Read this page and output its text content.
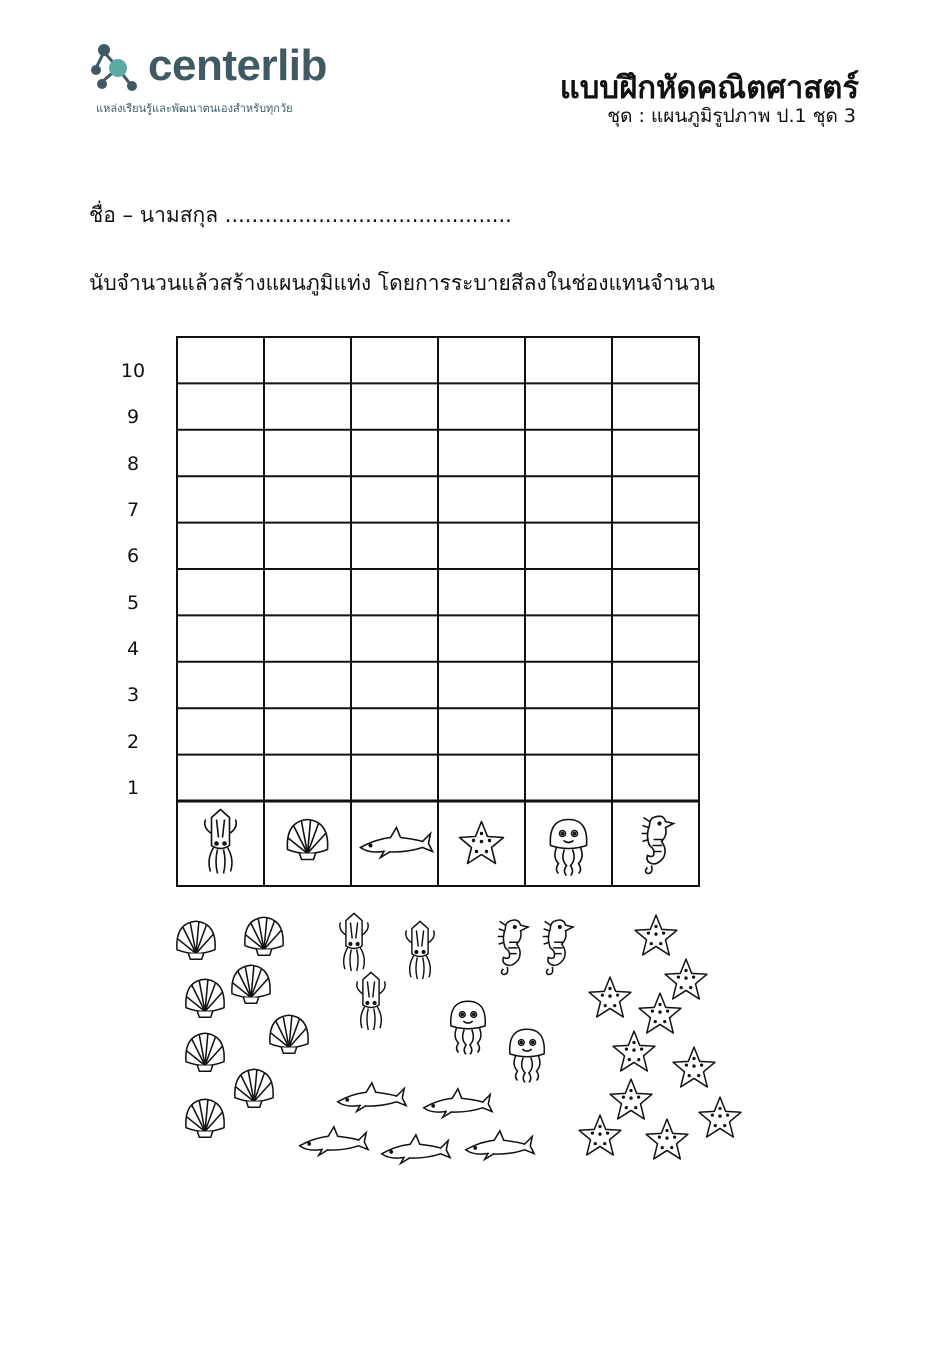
centerlib
แหล่งเรียนรู้และพัฒนาตนเองสำหรับทุกวัย
แบบฝึกหัดคณิตศาสตร์
ชุด : แผนภูมิรูปภาพ ป.1 ชุด 3
ชื่อ – นามสกุล ...........................................
นับจำนวนแล้วสร้างแผนภูมิแท่ง โดยการระบายสีลงในช่องแทนจำนวน
10
9
8
7
6
5
4
3
2
1
